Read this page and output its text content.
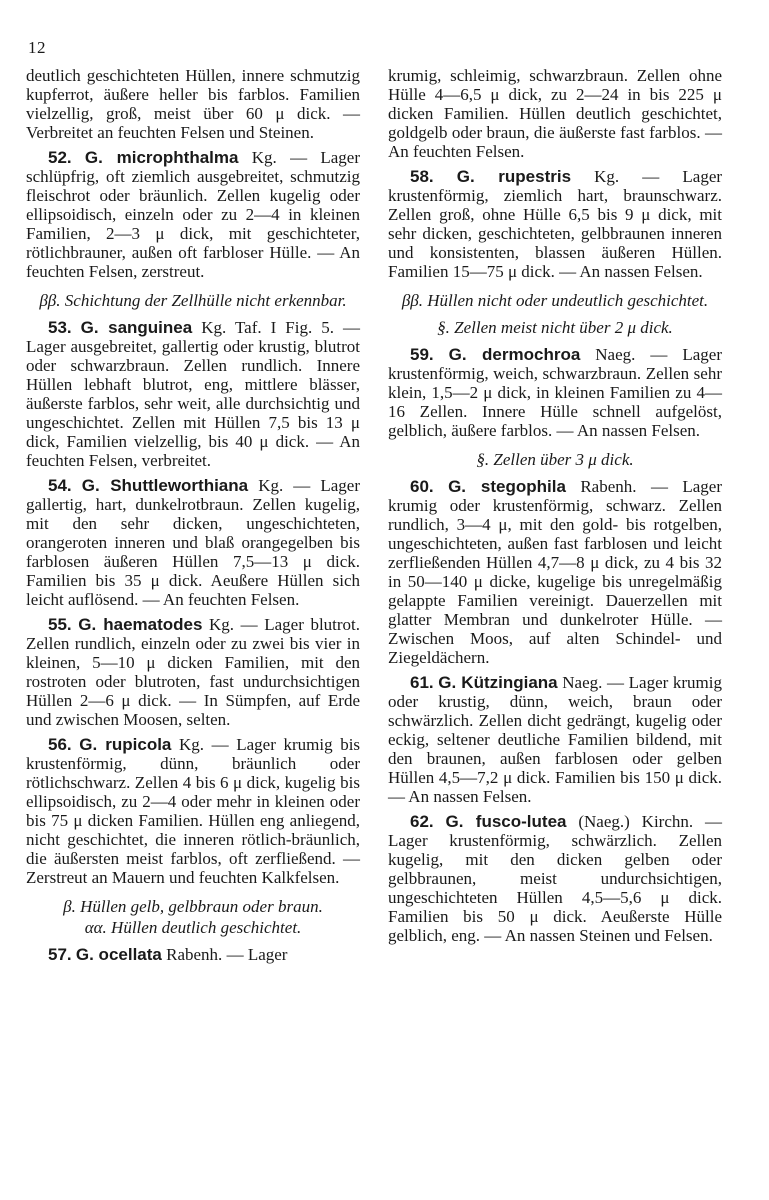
12

deutlich geschichteten Hüllen, innere schmutzig kupferrot, äußere heller bis farblos. Familien vielzellig, groß, meist über 60 μ dick. — Verbreitet an feuchten Felsen und Steinen.

52. G. microphthalma Kg. — Lager schlüpfrig, oft ziemlich ausgebreitet, schmutzig fleischrot oder bräunlich. Zellen kugelig oder ellipsoidisch, einzeln oder zu 2—4 in kleinen Familien, 2—3 μ dick, mit geschichteter, rötlichbrauner, außen oft farbloser Hülle. — An feuchten Felsen, zerstreut.

ββ. Schichtung der Zellhülle nicht erkennbar.

53. G. sanguinea Kg. Taf. I Fig. 5. — Lager ausgebreitet, gallertig oder krustig, blutrot oder schwarzbraun. Zellen rundlich. Innere Hüllen lebhaft blutrot, eng, mittlere blässer, äußerste farblos, sehr weit, alle durchsichtig und ungeschichtet. Zellen mit Hüllen 7,5 bis 13 μ dick, Familien vielzellig, bis 40 μ dick. — An feuchten Felsen, verbreitet.

54. G. Shuttleworthiana Kg. — Lager gallertig, hart, dunkelrotbraun. Zellen kugelig, mit den sehr dicken, ungeschichteten, orangeroten inneren und blaß orangegelben bis farblosen äußeren Hüllen 7,5—13 μ dick. Familien bis 35 μ dick. Aeußere Hüllen sich leicht auflösend. — An feuchten Felsen.

55. G. haematodes Kg. — Lager blutrot. Zellen rundlich, einzeln oder zu zwei bis vier in kleinen, 5—10 μ dicken Familien, mit den rostroten oder blutroten, fast undurchsichtigen Hüllen 2—6 μ dick. — In Sümpfen, auf Erde und zwischen Moosen, selten.

56. G. rupicola Kg. — Lager krumig bis krustenförmig, dünn, bräunlich oder rötlichschwarz. Zellen 4 bis 6 μ dick, kugelig bis ellipsoidisch, zu 2—4 oder mehr in kleinen oder bis 75 μ dicken Familien. Hüllen eng anliegend, nicht geschichtet, die inneren rötlich-bräunlich, die äußersten meist farblos, oft zerfließend. — Zerstreut an Mauern und feuchten Kalkfelsen.

β. Hüllen gelb, gelbbraun oder braun.

αα. Hüllen deutlich geschichtet.

57. G. ocellata Rabenh. — Lager

krumig, schleimig, schwarzbraun. Zellen ohne Hülle 4—6,5 μ dick, zu 2—24 in bis 225 μ dicken Familien. Hüllen deutlich geschichtet, goldgelb oder braun, die äußerste fast farblos. — An feuchten Felsen.

58. G. rupestris Kg. — Lager krustenförmig, ziemlich hart, braunschwarz. Zellen groß, ohne Hülle 6,5 bis 9 μ dick, mit sehr dicken, geschichteten, gelbbraunen inneren und konsistenten, blassen äußeren Hüllen. Familien 15—75 μ dick. — An nassen Felsen.

ββ. Hüllen nicht oder undeutlich geschichtet.

§. Zellen meist nicht über 2 μ dick.

59. G. dermochroa Naeg. — Lager krustenförmig, weich, schwarzbraun. Zellen sehr klein, 1,5—2 μ dick, in kleinen Familien zu 4—16 Zellen. Innere Hülle schnell aufgelöst, gelblich, äußere farblos. — An nassen Felsen.

§. Zellen über 3 μ dick.

60. G. stegophila Rabenh. — Lager krumig oder krustenförmig, schwarz. Zellen rundlich, 3—4 μ, mit den gold- bis rotgelben, ungeschichteten, außen fast farblosen und leicht zerfließenden Hüllen 4,7—8 μ dick, zu 4 bis 32 in 50—140 μ dicke, kugelige bis unregelmäßig gelappte Familien vereinigt. Dauerzellen mit glatter Membran und dunkelroter Hülle. — Zwischen Moos, auf alten Schindel- und Ziegeldächern.

61. G. Kützingiana Naeg. — Lager krumig oder krustig, dünn, weich, braun oder schwärzlich. Zellen dicht gedrängt, kugelig oder eckig, seltener deutliche Familien bildend, mit den braunen, außen farblosen oder gelben Hüllen 4,5—7,2 μ dick. Familien bis 150 μ dick. — An nassen Felsen.

62. G. fusco-lutea (Naeg.) Kirchn. — Lager krustenförmig, schwärzlich. Zellen kugelig, mit den dicken gelben oder gelbbraunen, meist undurchsichtigen, ungeschichteten Hüllen 4,5—5,6 μ dick. Familien bis 50 μ dick. Aeußerste Hülle gelblich, eng. — An nassen Steinen und Felsen.
